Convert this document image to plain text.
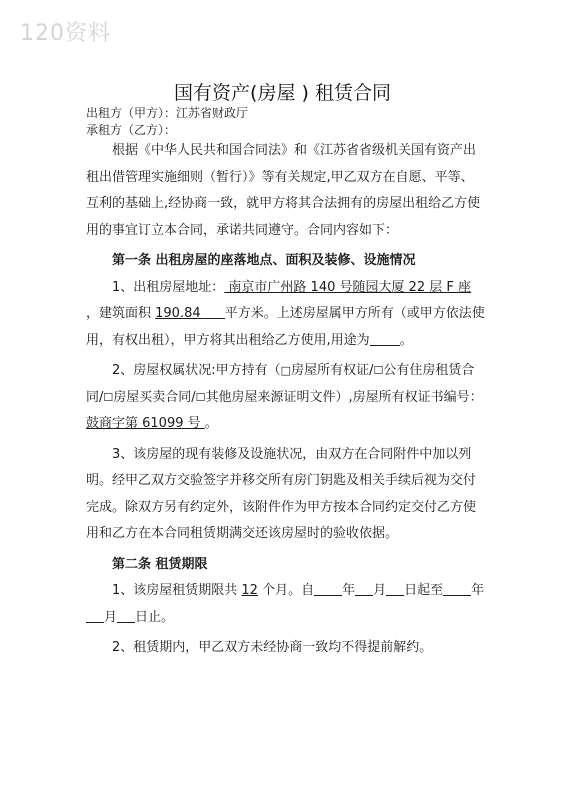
120资料
国有资产(房屋 ) 租赁合同
出租方（甲方）：江苏省财政厅
承租方（乙方）：

根据《中华人民共和国合同法》和《江苏省省级机关国有资产出租出借管理实施细则（暂行）》等有关规定,甲乙双方在自愿、平等、互利的基础上,经协商一致，就甲方将其合法拥有的房屋出租给乙方使用的事宜订立本合同，承诺共同遵守。合同内容如下：

第一条 出租房屋的座落地点、面积及装修、设施情况

1、出租房屋地址： 南京市广州路 140 号随园大厦 22 层 F 座 ，建筑面积 190.84 平方米。上述房屋属甲方所有（或甲方依法使用，有权出租），甲方将其出租给乙方使用,用途为 。

2、房屋权属状况:甲方持有（□房屋所有权证/☐公有住房租赁合同/☐房屋买卖合同/☐其他房屋来源证明文件）,房屋所有权证书编号： 鼓商字第 61099 号 。

3、该房屋的现有装修及设施状况，由双方在合同附件中加以列明。经甲乙双方交验签字并移交所有房门钥匙及相关手续后视为交付完成。除双方另有约定外，该附件作为甲方按本合同约定交付乙方使用和乙方在本合同租赁期满交还该房屋时的验收依据。

第二条 租赁期限

1、该房屋租赁期限共 12 个月。自 年 月 日起至 年月 日止。

2、租赁期内，甲乙双方未经协商一致均不得提前解约。
